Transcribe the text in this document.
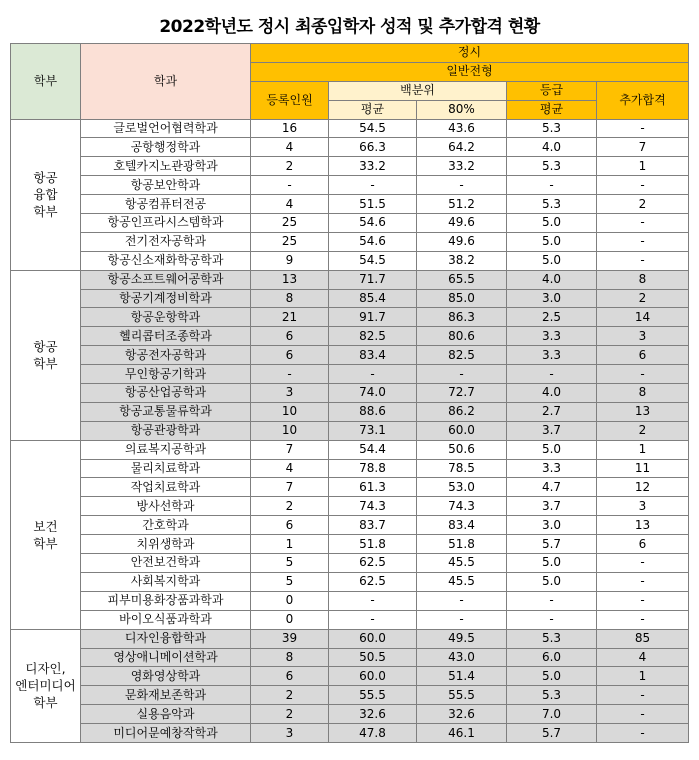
2022학년도 정시 최종입학자 성적 및 추가합격 현황
학부	학과	정시				
		일반전형				
		등록인원	백분위		등급	추가합격
			평균	80%	평균	
항공
융합
학부	글로벌언어협력학과	16	54.5	43.6	5.3	-
	공항행정학과	4	66.3	64.2	4.0	7
	호텔카지노관광학과	2	33.2	33.2	5.3	1
	항공보안학과	-	-	-	-	-
	항공컴퓨터전공	4	51.5	51.2	5.3	2
	항공인프라시스템학과	25	54.6	49.6	5.0	-
	전기전자공학과	25	54.6	49.6	5.0	-
	항공신소재화학공학과	9	54.5	38.2	5.0	-
항공
학부	항공소프트웨어공학과	13	71.7	65.5	4.0	8
	항공기계정비학과	8	85.4	85.0	3.0	2
	항공운항학과	21	91.7	86.3	2.5	14
	헬리콥터조종학과	6	82.5	80.6	3.3	3
	항공전자공학과	6	83.4	82.5	3.3	6
	무인항공기학과	-	-	-	-	-
	항공산업공학과	3	74.0	72.7	4.0	8
	항공교통물류학과	10	88.6	86.2	2.7	13
	항공관광학과	10	73.1	60.0	3.7	2
보건
학부	의료복지공학과	7	54.4	50.6	5.0	1
	물리치료학과	4	78.8	78.5	3.3	11
	작업치료학과	7	61.3	53.0	4.7	12
	방사선학과	2	74.3	74.3	3.7	3
	간호학과	6	83.7	83.4	3.0	13
	치위생학과	1	51.8	51.8	5.7	6
	안전보건학과	5	62.5	45.5	5.0	-
	사회복지학과	5	62.5	45.5	5.0	-
	피부미용화장품과학과	0	-	-	-	-
	바이오식품과학과	0	-	-	-	-
디자인,
엔터미디어
학부	디자인융합학과	39	60.0	49.5	5.3	85
	영상애니메이션학과	8	50.5	43.0	6.0	4
	영화영상학과	6	60.0	51.4	5.0	1
	문화재보존학과	2	55.5	55.5	5.3	-
	실용음악과	2	32.6	32.6	7.0	-
	미디어문예창작학과	3	47.8	46.1	5.7	-
